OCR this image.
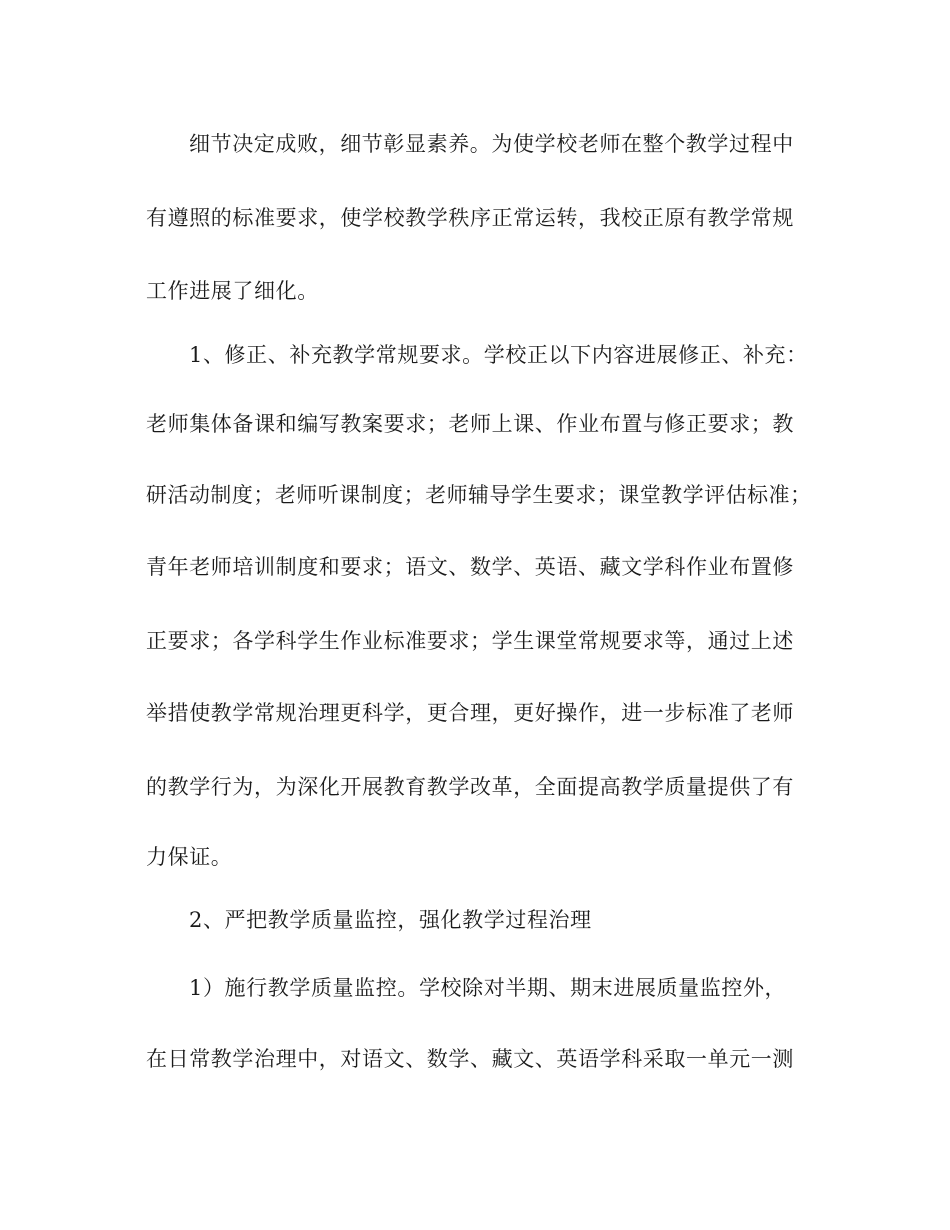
细节决定成败，细节彰显素养。为使学校老师在整个教学过程中
有遵照的标准要求，使学校教学秩序正常运转，我校正原有教学常规
工作进展了细化。
1、修正、补充教学常规要求。学校正以下内容进展修正、补充：
老师集体备课和编写教案要求；老师上课、作业布置与修正要求；教
研活动制度；老师听课制度；老师辅导学生要求；课堂教学评估标准；
青年老师培训制度和要求；语文、数学、英语、藏文学科作业布置修
正要求；各学科学生作业标准要求；学生课堂常规要求等，通过上述
举措使教学常规治理更科学，更合理，更好操作，进一步标准了老师
的教学行为，为深化开展教育教学改革，全面提高教学质量提供了有
力保证。
2、严把教学质量监控，强化教学过程治理
1）施行教学质量监控。学校除对半期、期末进展质量监控外，
在日常教学治理中，对语文、数学、藏文、英语学科采取一单元一测
